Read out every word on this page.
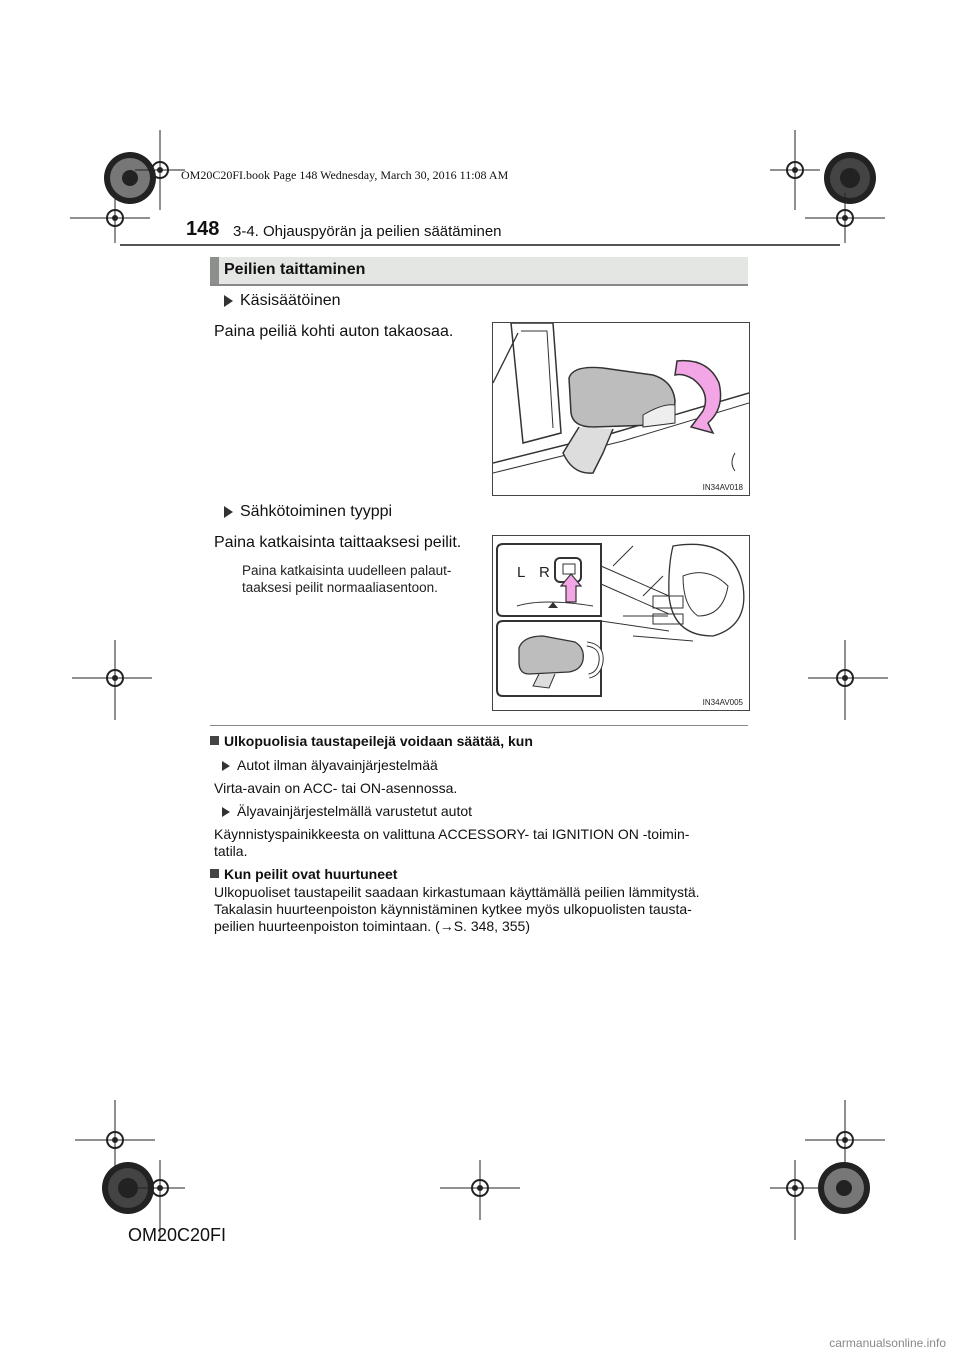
OM20C20FI.book Page 148 Wednesday, March 30, 2016 11:08 AM
148 3-4. Ohjauspyörän ja peilien säätäminen
Peilien taittaminen
Käsisäätöinen
Paina peiliä kohti auton takaosaa.
IN34AV018
Sähkötoiminen tyyppi
Paina katkaisinta taittaaksesi peilit.
Paina katkaisinta uudelleen palaut-
taaksesi peilit normaaliasentoon.
L R
IN34AV005
Ulkopuolisia taustapeilejä voidaan säätää, kun
Autot ilman älyavainjärjestelmää
Virta-avain on ACC- tai ON-asennossa.
Älyavainjärjestelmällä varustetut autot
Käynnistyspainikkeesta on valittuna ACCESSORY- tai IGNITION ON -toimin-
tatila.
Kun peilit ovat huurtuneet
Ulkopuoliset taustapeilit saadaan kirkastumaan käyttämällä peilien lämmitystä.
Takalasin huurteenpoiston käynnistäminen kytkee myös ulkopuolisten tausta-
peilien huurteenpoiston toimintaan. (→S. 348, 355)
OM20C20FI
carmanualsonline.info
